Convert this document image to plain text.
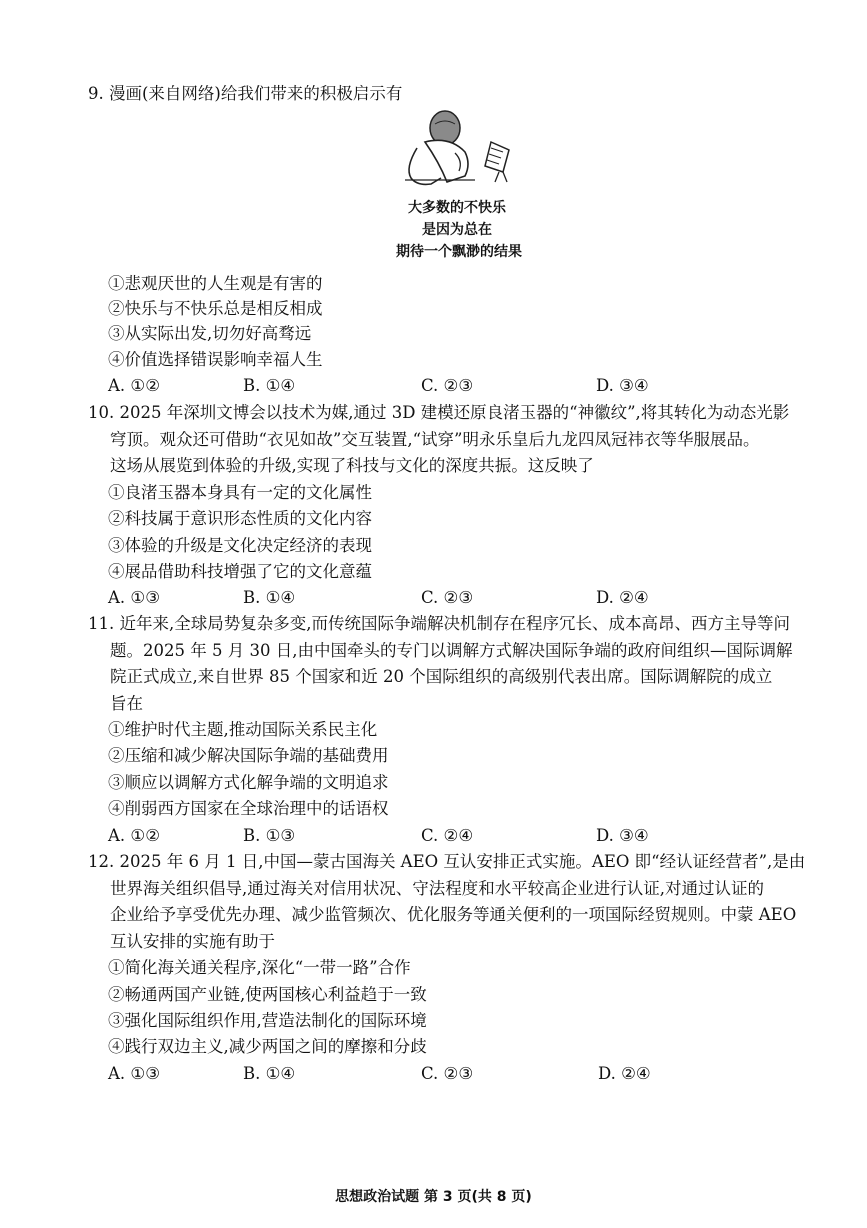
9. 漫画(来自网络)给我们带来的积极启示有
大多数的不快乐
是因为总在
期待一个飘渺的结果
①悲观厌世的人生观是有害的
②快乐与不快乐总是相反相成
③从实际出发,切勿好高骛远
④价值选择错误影响幸福人生
A. ①②	B. ①④	C. ②③	D. ③④
10. 2025 年深圳文博会以技术为媒,通过 3D 建模还原良渚玉器的“神徽纹”,将其转化为动态光影
穹顶。观众还可借助“衣见如故”交互装置,“试穿”明永乐皇后九龙四凤冠祎衣等华服展品。
这场从展览到体验的升级,实现了科技与文化的深度共振。这反映了
①良渚玉器本身具有一定的文化属性
②科技属于意识形态性质的文化内容
③体验的升级是文化决定经济的表现
④展品借助科技增强了它的文化意蕴
A. ①③	B. ①④	C. ②③	D. ②④
11. 近年来,全球局势复杂多变,而传统国际争端解决机制存在程序冗长、成本高昂、西方主导等问
题。2025 年 5 月 30 日,由中国牵头的专门以调解方式解决国际争端的政府间组织—国际调解
院正式成立,来自世界 85 个国家和近 20 个国际组织的高级别代表出席。国际调解院的成立
旨在
①维护时代主题,推动国际关系民主化
②压缩和减少解决国际争端的基础费用
③顺应以调解方式化解争端的文明追求
④削弱西方国家在全球治理中的话语权
A. ①②	B. ①③	C. ②④	D. ③④
12. 2025 年 6 月 1 日,中国—蒙古国海关 AEO 互认安排正式实施。AEO 即“经认证经营者”,是由
世界海关组织倡导,通过海关对信用状况、守法程度和水平较高企业进行认证,对通过认证的
企业给予享受优先办理、减少监管频次、优化服务等通关便利的一项国际经贸规则。中蒙 AEO
互认安排的实施有助于
①简化海关通关程序,深化“一带一路”合作
②畅通两国产业链,使两国核心利益趋于一致
③强化国际组织作用,营造法制化的国际环境
④践行双边主义,减少两国之间的摩擦和分歧
A. ①③	B. ①④	C. ②③	D. ②④
思想政治试题 第 3 页(共 8 页)
